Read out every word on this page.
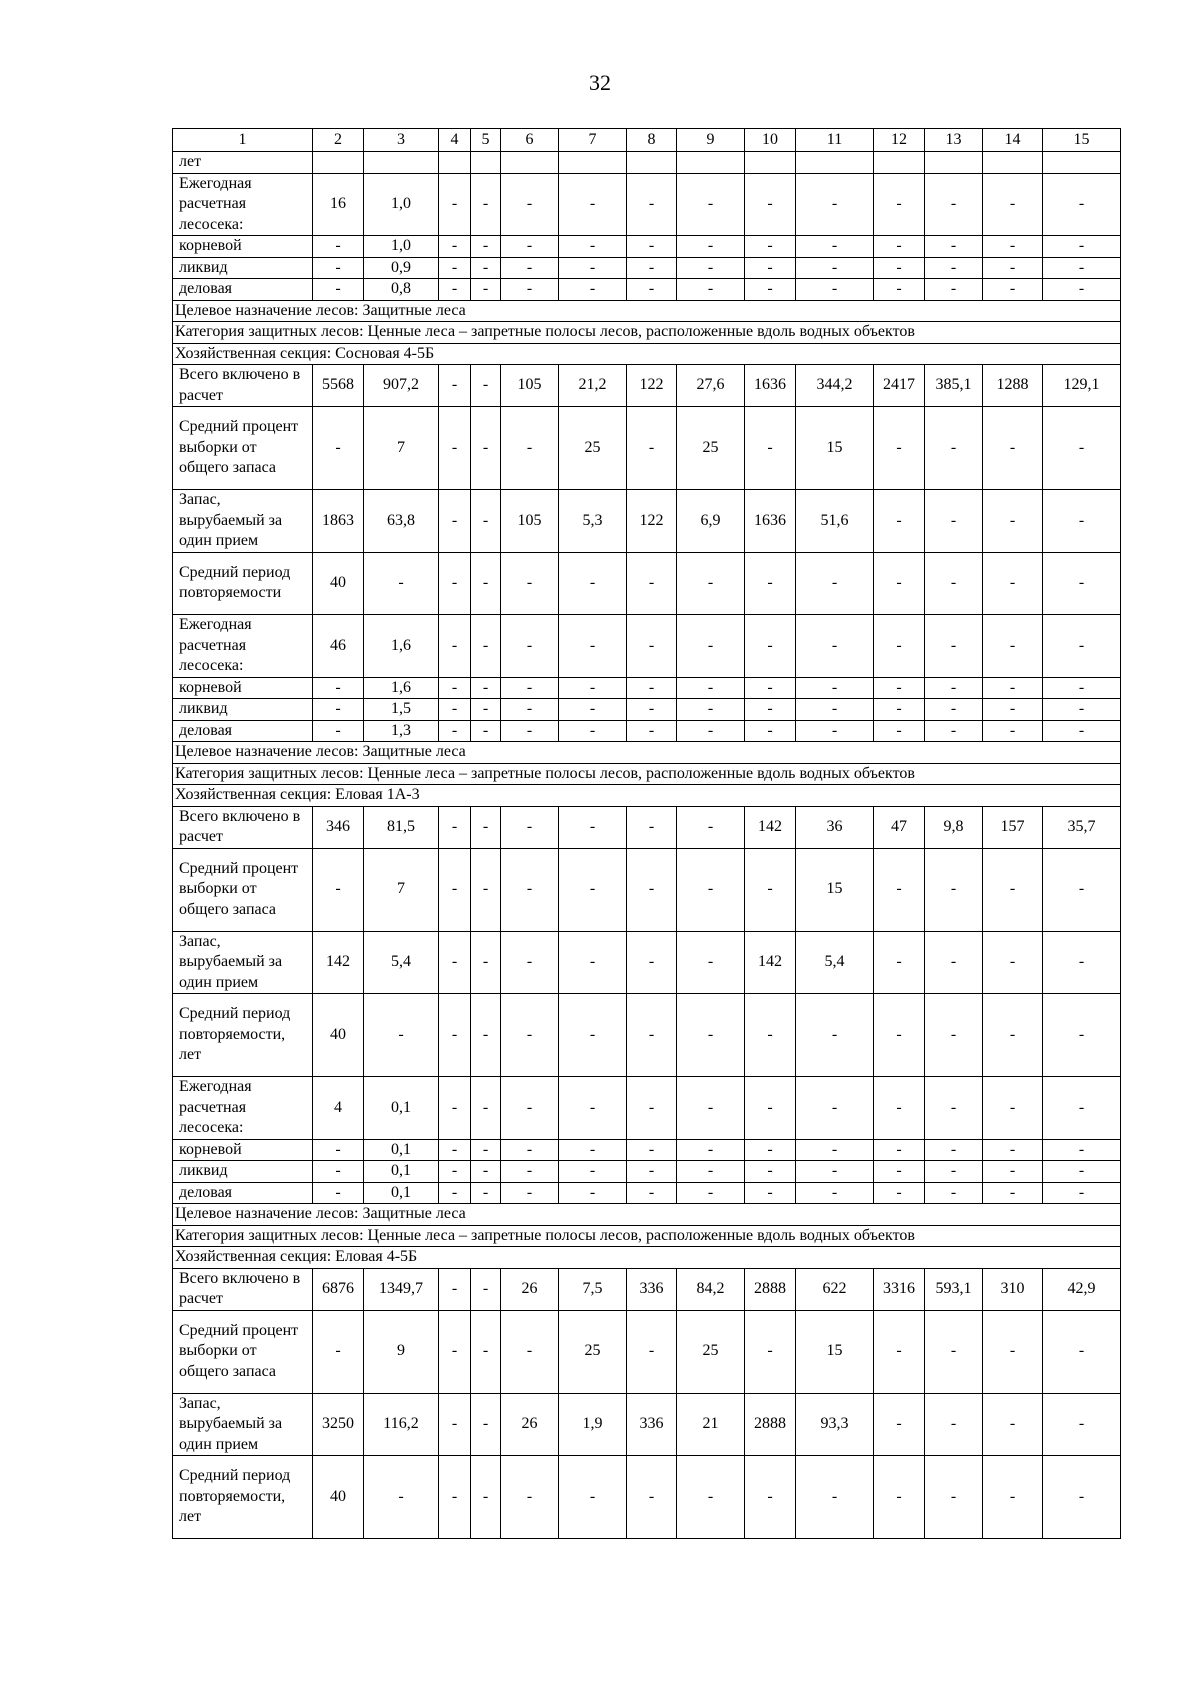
32
1	2	3	4	5	6	7	8	9	10	11	12	13	14	15
лет														
Ежегодная расчетная лесосека:	16	1,0	-	-	-	-	-	-	-	-	-	-	-	-
корневой	-	1,0	-	-	-	-	-	-	-	-	-	-	-	-
ликвид	-	0,9	-	-	-	-	-	-	-	-	-	-	-	-
деловая	-	0,8	-	-	-	-	-	-	-	-	-	-	-	-
Целевое назначение лесов: Защитные леса														
Категория защитных лесов: Ценные леса – запретные полосы лесов, расположенные вдоль водных объектов														
Хозяйственная секция: Сосновая 4-5Б														
Всего включено в расчет	5568	907,2	-	-	105	21,2	122	27,6	1636	344,2	2417	385,1	1288	129,1
Средний процент выборки от общего запаса	-	7	-	-	-	25	-	25	-	15	-	-	-	-
Запас, вырубаемый за один прием	1863	63,8	-	-	105	5,3	122	6,9	1636	51,6	-	-	-	-
Средний период повторяемости	40	-	-	-	-	-	-	-	-	-	-	-	-	-
Ежегодная расчетная лесосека:	46	1,6	-	-	-	-	-	-	-	-	-	-	-	-
корневой	-	1,6	-	-	-	-	-	-	-	-	-	-	-	-
ликвид	-	1,5	-	-	-	-	-	-	-	-	-	-	-	-
деловая	-	1,3	-	-	-	-	-	-	-	-	-	-	-	-
Целевое назначение лесов: Защитные леса														
Категория защитных лесов: Ценные леса – запретные полосы лесов, расположенные вдоль водных объектов														
Хозяйственная секция: Еловая 1А-3														
Всего включено в расчет	346	81,5	-	-	-	-	-	-	142	36	47	9,8	157	35,7
Средний процент выборки от общего запаса	-	7	-	-	-	-	-	-	-	15	-	-	-	-
Запас, вырубаемый за один прием	142	5,4	-	-	-	-	-	-	142	5,4	-	-	-	-
Средний период повторяемости, лет	40	-	-	-	-	-	-	-	-	-	-	-	-	-
Ежегодная расчетная лесосека:	4	0,1	-	-	-	-	-	-	-	-	-	-	-	-
корневой	-	0,1	-	-	-	-	-	-	-	-	-	-	-	-
ликвид	-	0,1	-	-	-	-	-	-	-	-	-	-	-	-
деловая	-	0,1	-	-	-	-	-	-	-	-	-	-	-	-
Целевое назначение лесов: Защитные леса														
Категория защитных лесов: Ценные леса – запретные полосы лесов, расположенные вдоль водных объектов														
Хозяйственная секция: Еловая 4-5Б														
Всего включено в расчет	6876	1349,7	-	-	26	7,5	336	84,2	2888	622	3316	593,1	310	42,9
Средний процент выборки от общего запаса	-	9	-	-	-	25	-	25	-	15	-	-	-	-
Запас, вырубаемый за один прием	3250	116,2	-	-	26	1,9	336	21	2888	93,3	-	-	-	-
Средний период повторяемости, лет	40	-	-	-	-	-	-	-	-	-	-	-	-	-
